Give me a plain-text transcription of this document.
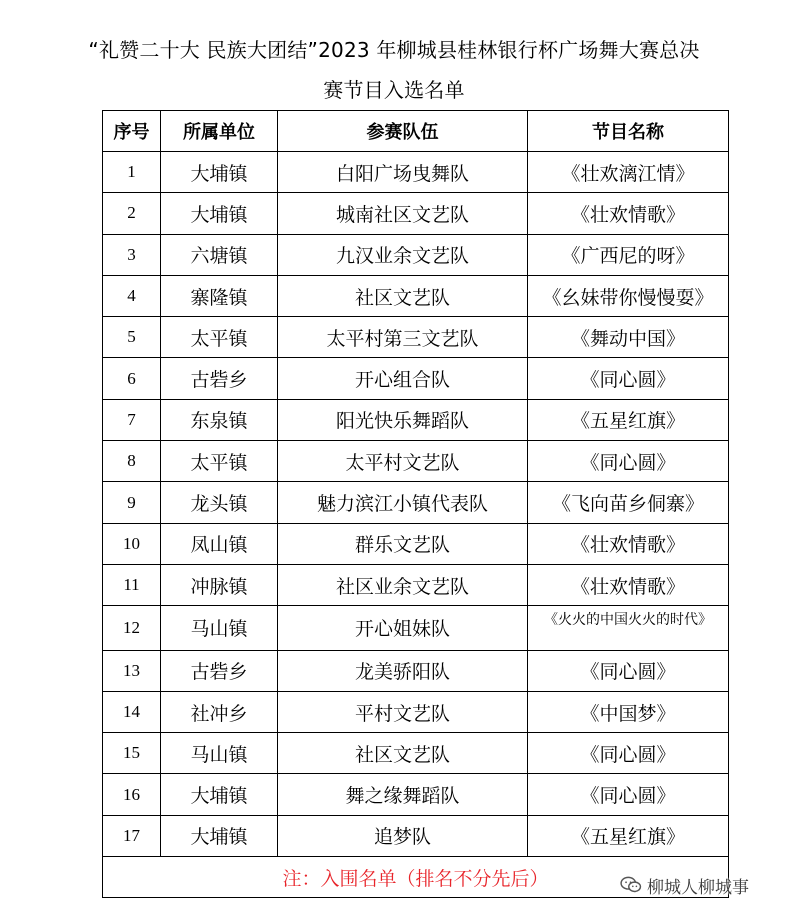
“礼赞二十大 民族大团结”2023 年柳城县桂林银行杯广场舞大赛总决
赛节目入选名单
序号	所属单位	参赛队伍	节目名称
1	大埔镇	白阳广场曳舞队	《壮欢漓江情》
2	大埔镇	城南社区文艺队	《壮欢情歌》
3	六塘镇	九汉业余文艺队	《广西尼的呀》
4	寨隆镇	社区文艺队	《幺妹带你慢慢耍》
5	太平镇	太平村第三文艺队	《舞动中国》
6	古砦乡	开心组合队	《同心圆》
7	东泉镇	阳光快乐舞蹈队	《五星红旗》
8	太平镇	太平村文艺队	《同心圆》
9	龙头镇	魅力滨江小镇代表队	《飞向苗乡侗寨》
10	凤山镇	群乐文艺队	《壮欢情歌》
11	冲脉镇	社区业余文艺队	《壮欢情歌》
12	马山镇	开心姐妹队	《火火的中国火火的时代》
13	古砦乡	龙美骄阳队	《同心圆》
14	社冲乡	平村文艺队	《中国梦》
15	马山镇	社区文艺队	《同心圆》
16	大埔镇	舞之缘舞蹈队	《同心圆》
17	大埔镇	追梦队	《五星红旗》
注：入围名单（排名不分先后）				柳城人柳城事
